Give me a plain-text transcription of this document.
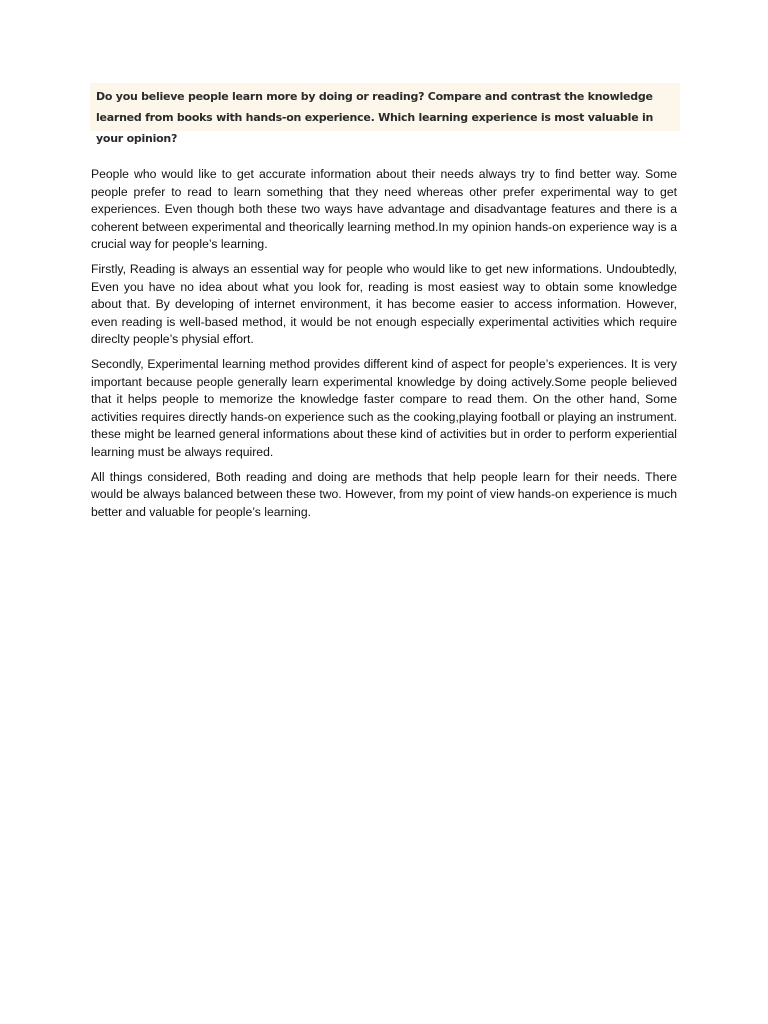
Do you believe people learn more by doing or reading? Compare and contrast the knowledge learned from books with hands-on experience. Which learning experience is most valuable in your opinion?

People who would like to get accurate information about their needs always try to find better way. Some people prefer to read to learn something that they need whereas other prefer experimental way to get experiences. Even though both these two ways have advantage and disadvantage features and there is a coherent between experimental and theorically learning method.In my opinion hands-on experience way is a crucial way for people’s learning.

Firstly, Reading is always an essential way for people who would like to get new informations. Undoubtedly, Even you have no idea about what you look for, reading is most easiest way to obtain some knowledge about that. By developing of internet environment, it has become easier to access information. However, even reading is well-based method, it would be not enough especially experimental activities which require direclty people’s physial effort.

Secondly, Experimental learning method provides different kind of aspect for people’s experiences. It is very important because people generally learn experimental knowledge by doing actively.Some people believed that it helps people to memorize the knowledge faster compare to read them. On the other hand, Some activities requires directly hands-on experience such as the cooking,playing football or playing an instrument. these might be learned general informations about these kind of activities but in order to perform experiential learning must be always required.

All things considered, Both reading and doing are methods that help people learn for their needs. There would be always balanced between these two. However, from my point of view hands-on experience is much better and valuable for people’s learning.
